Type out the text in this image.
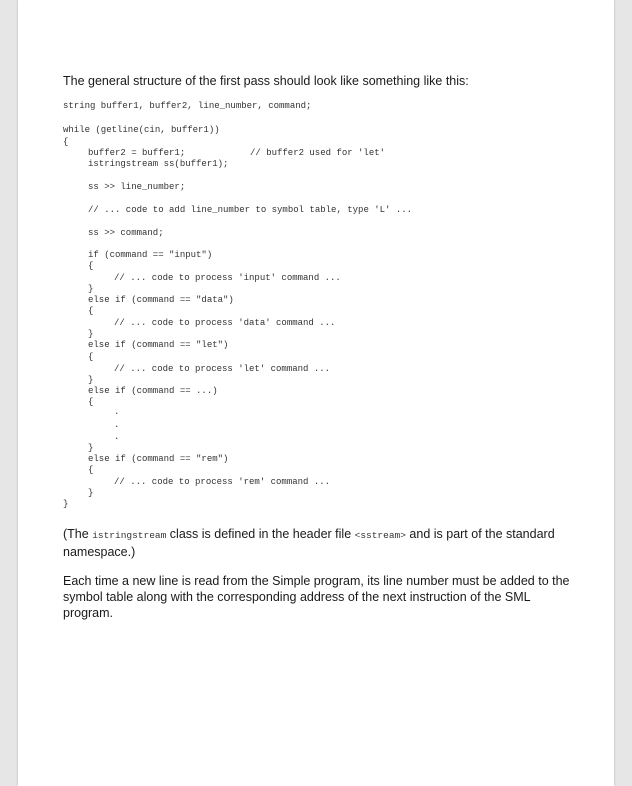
The general structure of the first pass should look like something like this:

string buffer1, buffer2, line_number, command;
while (getline(cin, buffer1))
{
buffer2 = buffer1;	// buffer2 used for 'let'
istringstream ss(buffer1);
ss >> line_number;
// ... code to add line_number to symbol table, type 'L' ...
ss >> command;
if (command == "input")
{
// ... code to process 'input' command ...
}
else if (command == "data")
{
// ... code to process 'data' command ...
}
else if (command == "let")
{
// ... code to process 'let' command ...
}
else if (command == ...)
{
.
.
.
}
else if (command == "rem")
{
// ... code to process 'rem' command ...
}
}

(The istringstream class is defined in the header file <sstream> and is part of the standard namespace.)

Each time a new line is read from the Simple program, its line number must be added to the symbol table along with the corresponding address of the next instruction of the SML program.
